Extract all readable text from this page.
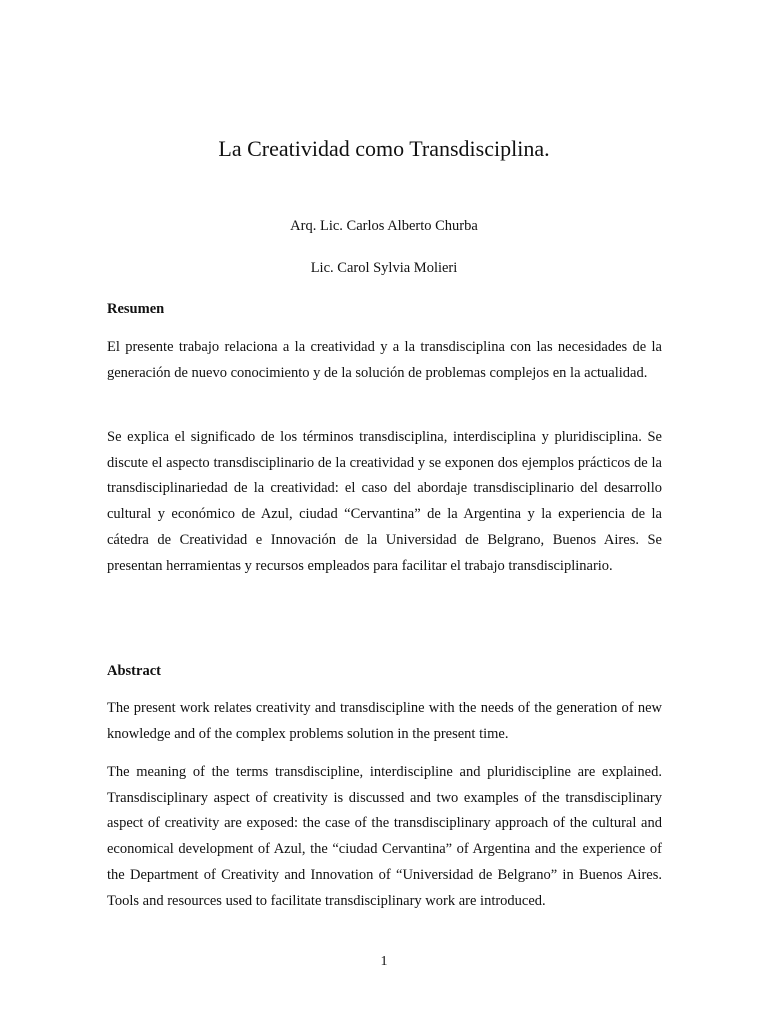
La Creatividad como Transdisciplina.
Arq. Lic. Carlos Alberto Churba
Lic. Carol Sylvia Molieri
Resumen

El presente trabajo relaciona a la creatividad y a la transdisciplina con las necesidades de la generación de nuevo conocimiento y de la solución de problemas complejos en la actualidad.

Se explica el significado de los términos transdisciplina, interdisciplina y pluridisciplina. Se discute el aspecto transdisciplinario de la creatividad y se exponen dos ejemplos prácticos de la transdisciplinariedad de la creatividad: el caso del abordaje transdisciplinario del desarrollo cultural y económico de Azul, ciudad “Cervantina” de la Argentina y la experiencia de la cátedra de Creatividad e Innovación de la Universidad de Belgrano, Buenos Aires. Se presentan herramientas y recursos empleados para facilitar el trabajo transdisciplinario.

Abstract

The present work relates creativity and transdiscipline with the needs of the generation of new knowledge and of the complex problems solution in the present time.

The meaning of the terms transdiscipline, interdiscipline and pluridiscipline are explained. Transdisciplinary aspect of creativity is discussed and two examples of the transdisciplinary aspect of creativity are exposed: the case of the transdisciplinary approach of the cultural and economical development of Azul, the “ciudad Cervantina” of Argentina and the experience of the Department of Creativity and Innovation of “Universidad de Belgrano” in Buenos Aires. Tools and resources used to facilitate transdisciplinary work are introduced.

1
